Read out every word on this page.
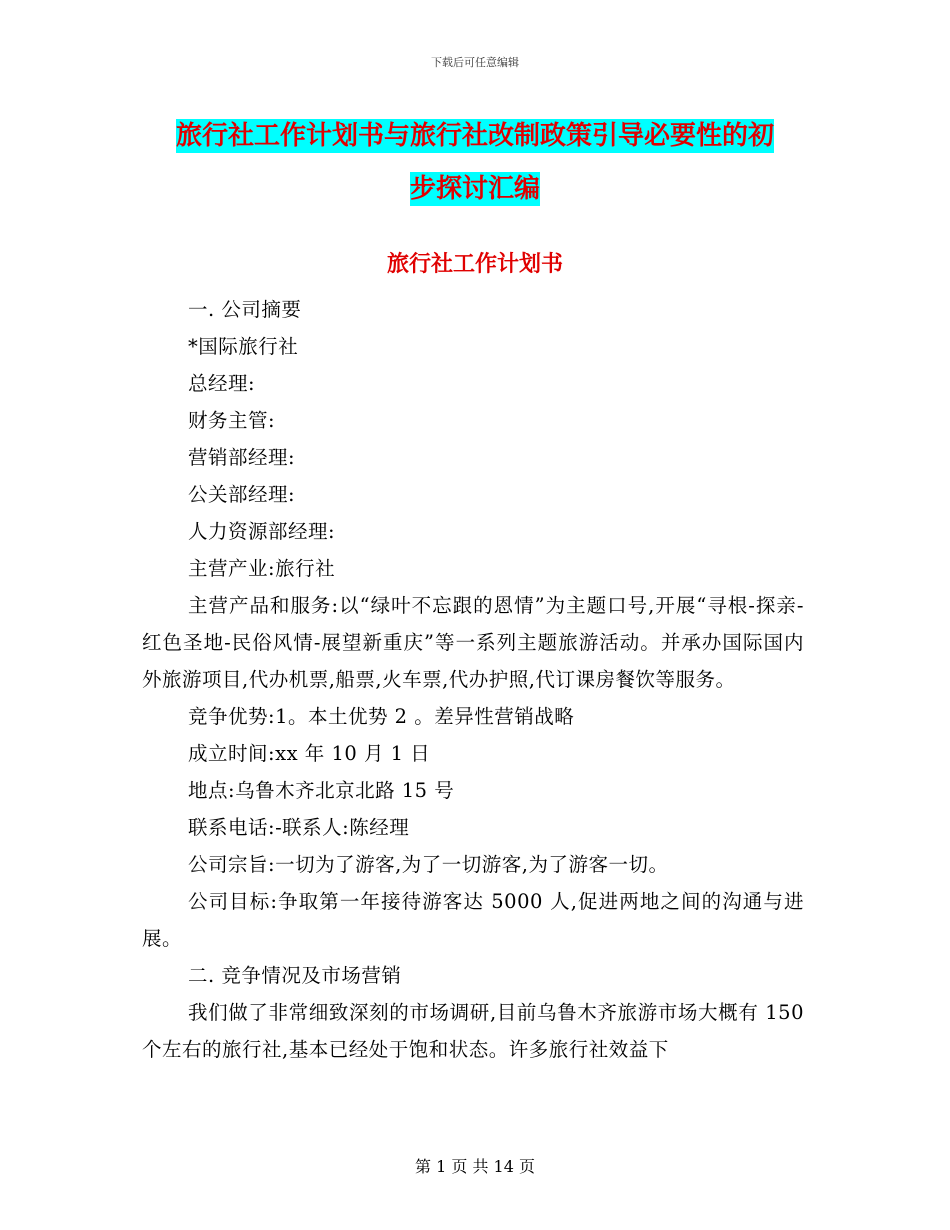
下载后可任意编辑
旅行社工作计划书与旅行社改制政策引导必要性的初
步探讨汇编
旅行社工作计划书

一. 公司摘要

*国际旅行社

总经理:

财务主管:

营销部经理:

公关部经理:

人力资源部经理:

主营产业:旅行社

主营产品和服务:以“绿叶不忘跟的恩情”为主题口号,开展“寻根-探亲-红色圣地-民俗风情-展望新重庆”等一系列主题旅游活动。并承办国际国内外旅游项目,代办机票,船票,火车票,代办护照,代订课房餐饮等服务。

竞争优势:1。本土优势 2 。差异性营销战略

成立时间:xx 年 10 月 1 日

地点:乌鲁木齐北京北路 15 号

联系电话:-联系人:陈经理

公司宗旨:一切为了游客,为了一切游客,为了游客一切。

公司目标:争取第一年接待游客达 5000 人,促进两地之间的沟通与进展。

二. 竞争情况及市场营销

我们做了非常细致深刻的市场调研,目前乌鲁木齐旅游市场大概有 150 个左右的旅行社,基本已经处于饱和状态。许多旅行社效益下

第 1 页 共 14 页
